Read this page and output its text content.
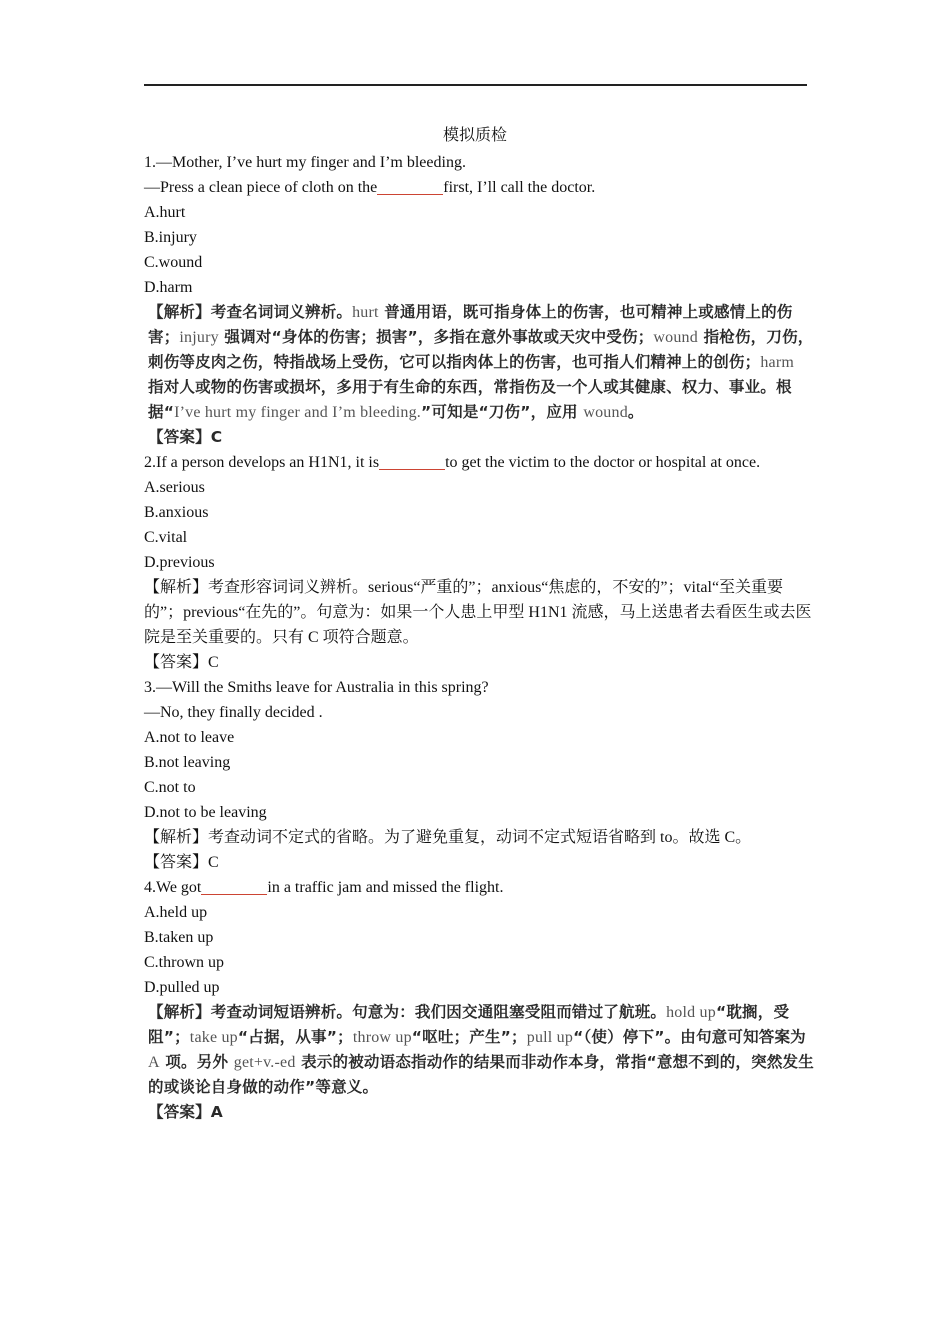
模拟质检
1.—Mother, I’ve hurt my finger and I’m bleeding.
—Press a clean piece of cloth on the	first, I’ll call the doctor.
A.hurt
B.injury
C.wound
D.harm
【解析】考查名词词义辨析。hurt 普通用语，既可指身体上的伤害，也可精神上或感情上的伤害；injury 强调对“身体的伤害；损害”，多指在意外事故或天灾中受伤；wound 指枪伤，刀伤，刺伤等皮肉之伤，特指战场上受伤，它可以指肉体上的伤害，也可指人们精神上的创伤；harm 指对人或物的伤害或损坏，多用于有生命的东西，常指伤及一个人或其健康、权力、事业。根据“I’ve hurt my finger and I’m bleeding.”可知是“刀伤”，应用 wound。
【答案】C
2.If a person develops an H1N1, it is	to get the victim to the doctor or hospital at once.
A.serious
B.anxious
C.vital
D.previous
【解析】考查形容词词义辨析。serious“严重的”；anxious“焦虑的，不安的”；vital“至关重要的”；previous“在先的”。句意为：如果一个人患上甲型 H1N1 流感，马上送患者去看医生或去医院是至关重要的。只有 C 项符合题意。
【答案】C
3.—Will the Smiths leave for Australia in this spring?
—No, they finally decided .
A.not to leave
B.not leaving
C.not to
D.not to be leaving
【解析】考查动词不定式的省略。为了避免重复，动词不定式短语省略到 to。故选 C。
【答案】C
4.We got	in a traffic jam and missed the flight.
A.held up
B.taken up
C.thrown up
D.pulled up
【解析】考查动词短语辨析。句意为：我们因交通阻塞受阻而错过了航班。hold up“耽搁，受阻”；take up“占据，从事”；throw up“呕吐；产生”；pull up“（使）停下”。由句意可知答案为 A 项。另外 get+v.-ed 表示的被动语态指动作的结果而非动作本身，常指“意想不到的，突然发生的或谈论自身做的动作”等意义。
【答案】A
